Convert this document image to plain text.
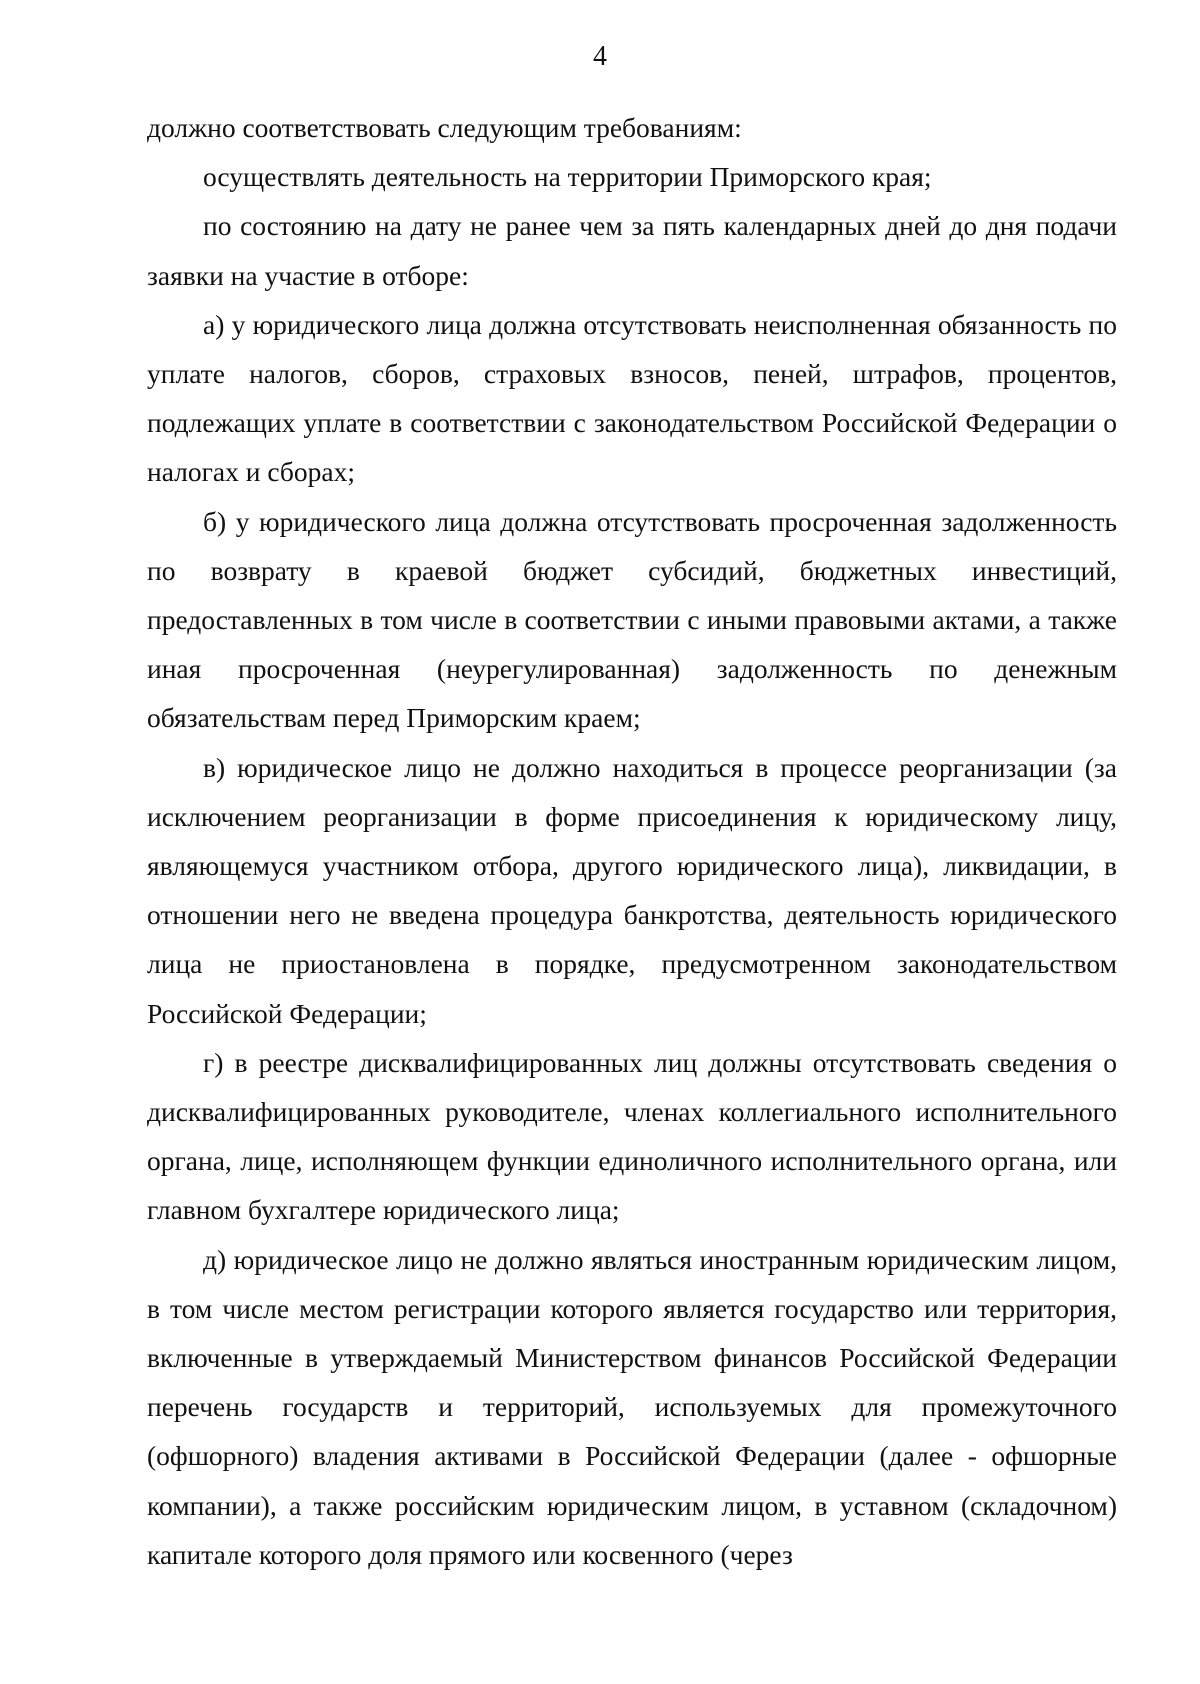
4

должно соответствовать следующим требованиям:

осуществлять деятельность на территории Приморского края;

по состоянию на дату не ранее чем за пять календарных дней до дня подачи заявки на участие в отборе:

а) у юридического лица должна отсутствовать неисполненная обязанность по уплате налогов, сборов, страховых взносов, пеней, штрафов, процентов, подлежащих уплате в соответствии с законодательством Российской Федерации о налогах и сборах;

б) у юридического лица должна отсутствовать просроченная задолженность по возврату в краевой бюджет субсидий, бюджетных инвестиций, предоставленных в том числе в соответствии с иными правовыми актами, а также иная просроченная (неурегулированная) задолженность по денежным обязательствам перед Приморским краем;

в) юридическое лицо не должно находиться в процессе реорганизации (за исключением реорганизации в форме присоединения к юридическому лицу, являющемуся участником отбора, другого юридического лица), ликвидации, в отношении него не введена процедура банкротства, деятельность юридического лица не приостановлена в порядке, предусмотренном законодательством Российской Федерации;

г) в реестре дисквалифицированных лиц должны отсутствовать сведения о дисквалифицированных руководителе, членах коллегиального исполнительного органа, лице, исполняющем функции единоличного исполнительного органа, или главном бухгалтере юридического лица;

д) юридическое лицо не должно являться иностранным юридическим лицом, в том числе местом регистрации которого является государство или территория, включенные в утверждаемый Министерством финансов Российской Федерации перечень государств и территорий, используемых для промежуточного (офшорного) владения активами в Российской Федерации (далее - офшорные компании), а также российским юридическим лицом, в уставном (складочном) капитале которого доля прямого или косвенного (через
